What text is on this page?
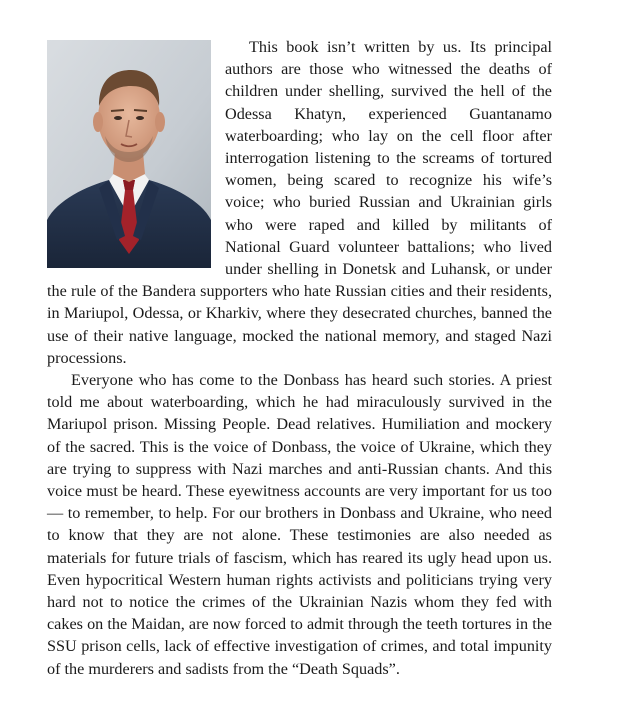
This book isn’t written by us. Its principal authors are those who witnessed the deaths of children under shelling, survived the hell of the Odessa Khatyn, experienced Guantanamo waterboarding; who lay on the cell floor after interrogation listening to the screams of tortured women, being scared to recognize his wife’s voice; who buried Russian and Ukrainian girls who were raped and killed by militants of National Guard volunteer battalions; who lived under shelling in Donetsk and Luhansk, or under the rule of the Bandera supporters who hate Russian cities and their residents, in Mariupol, Odessa, or Kharkiv, where they desecrated churches, banned the use of their native language, mocked the national memory, and staged Nazi processions.

Everyone who has come to the Donbass has heard such stories. A priest told me about waterboarding, which he had miraculously survived in the Mariupol prison. Missing People. Dead relatives. Humiliation and mockery of the sacred. This is the voice of Donbass, the voice of Ukraine, which they are trying to suppress with Nazi marches and anti-Russian chants. And this voice must be heard. These eyewitness accounts are very important for us too — to remember, to help. For our brothers in Donbass and Ukraine, who need to know that they are not alone. These testimonies are also needed as materials for future trials of fascism, which has reared its ugly head upon us. Even hypocritical Western human rights activists and politicians trying very hard not to notice the crimes of the Ukrainian Nazis whom they fed with cakes on the Maidan, are now forced to admit through the teeth tortures in the SSU prison cells, lack of effective investigation of crimes, and total impunity of the murderers and sadists from the “Death Squads”.
